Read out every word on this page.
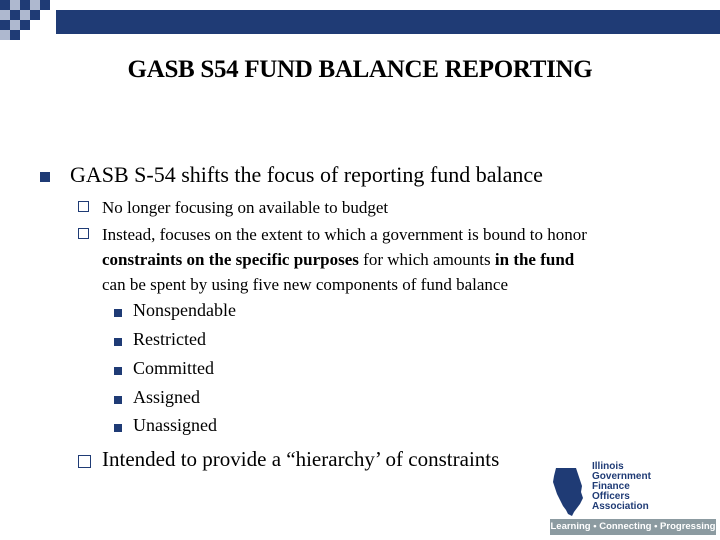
GASB S54 FUND BALANCE REPORTING
GASB S-54 shifts the focus of reporting fund balance
No longer focusing on available to budget
Instead, focuses on the extent to which a government is bound to honor
constraints on the specific purposes for which amounts in the fund
can be spent by using five new components of fund balance
Nonspendable
Restricted
Committed
Assigned
Unassigned
Intended to provide a “hierarchy’ of constraints	Illinois
Government
Finance
Officers
Association
Learning • Connecting • Progressing
